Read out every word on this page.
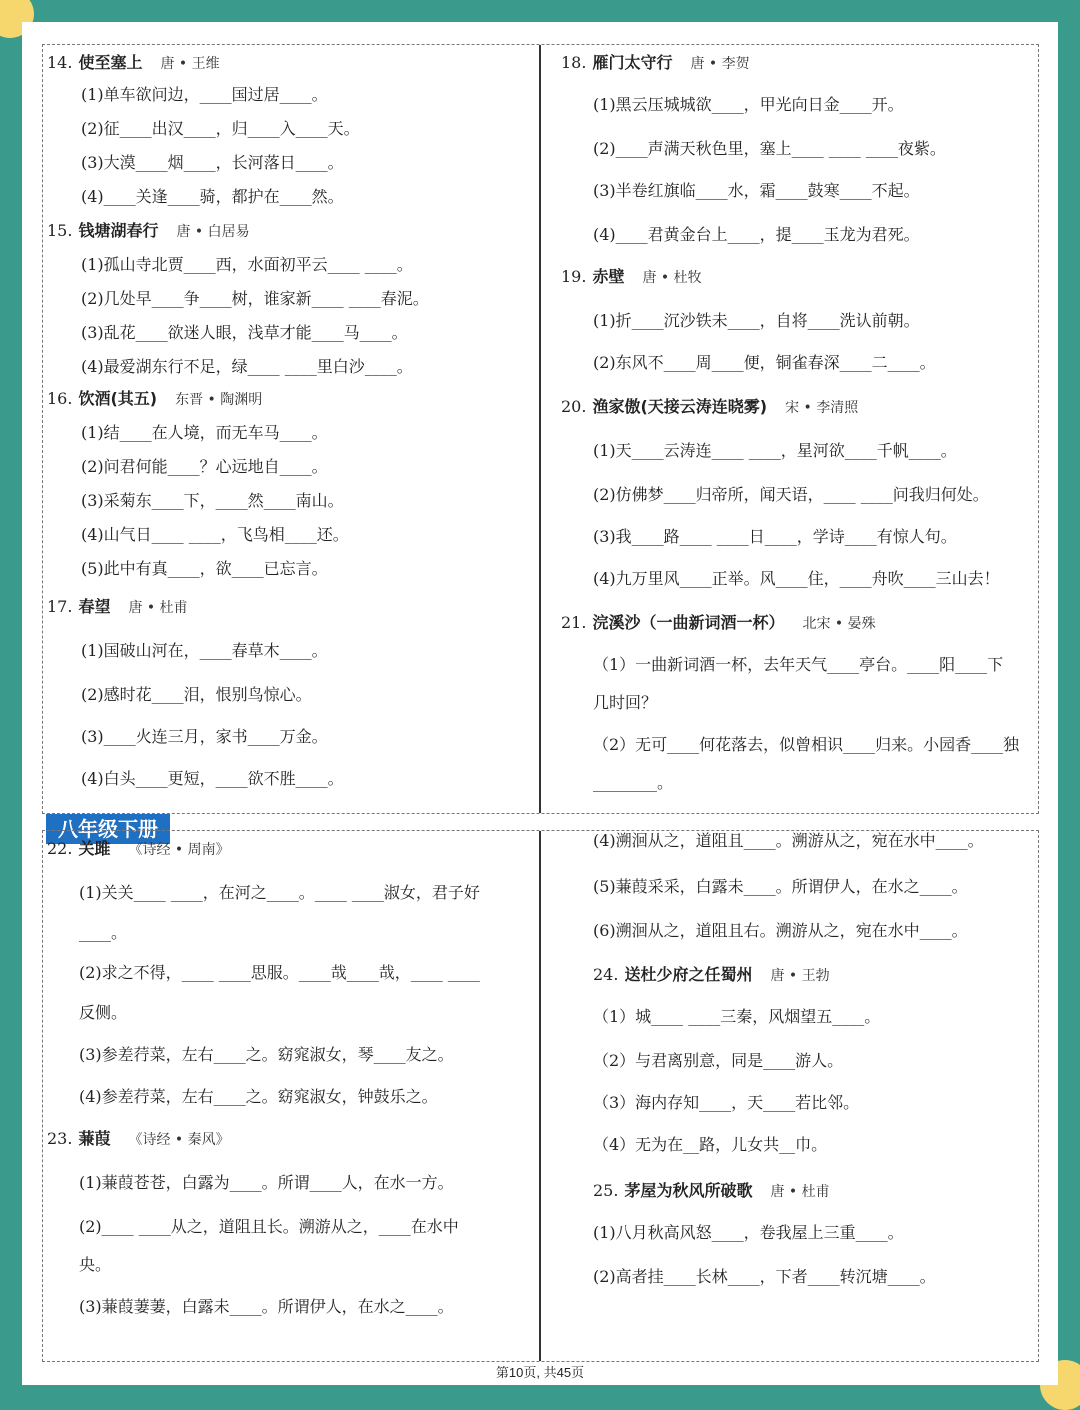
14. 使至塞上 唐 • 王维
(1)单车欲问边，____国过居____。
(2)征____出汉____，归____入____天。
(3)大漠____烟____，长河落日____。
(4)____关逢____骑，都护在____然。
15. 钱塘湖春行 唐 • 白居易
(1)孤山寺北贾____西，水面初平云____ ____。
(2)几处早____争____树，谁家新____ ____春泥。
(3)乱花____欲迷人眼，浅草才能____马____。
(4)最爱湖东行不足，绿____ ____里白沙____。
16. 饮酒(其五) 东晋 • 陶渊明
(1)结____在人境，而无车马____。
(2)问君何能____？心远地自____。
(3)采菊东____下，____然____南山。
(4)山气日____ ____，飞鸟相____还。
(5)此中有真____，欲____已忘言。
17. 春望 唐 • 杜甫
(1)国破山河在，____春草木____。
(2)感时花____泪，恨别鸟惊心。
(3)____火连三月，家书____万金。
(4)白头____更短，____欲不胜____。
18. 雁门太守行 唐 • 李贺
(1)黑云压城城欲____，甲光向日金____开。
(2)____声满天秋色里，塞上____ ____ ____夜紫。
(3)半卷红旗临____水，霜____鼓寒____不起。
(4)____君黄金台上____，提____玉龙为君死。
19. 赤壁 唐 • 杜牧
(1)折____沉沙铁未____，自将____洗认前朝。
(2)东风不____周____便，铜雀春深____二____。
20. 渔家傲(天接云涛连晓雾) 宋 • 李清照
(1)天____云涛连____ ____，星河欲____千帆____。
(2)仿佛梦____归帝所，闻天语，____ ____问我归何处。
(3)我____路____ ____日____，学诗____有惊人句。
(4)九万里风____正举。风____住，____舟吹____三山去！
21. 浣溪沙（一曲新词酒一杯） 北宋 • 晏殊
（1）一曲新词酒一杯，去年天气____亭台。____阳____下
几时回？
（2）无可____何花落去，似曾相识____归来。小园香____独
________。
八年级下册
22. 关雎 《诗经 • 周南》
(1)关关____ ____，在河之____。____ ____淑女，君子好
____。
(2)求之不得，____ ____思服。____哉____哉，____ ____
反侧。
(3)参差荇菜，左右____之。窈窕淑女，琴____友之。
(4)参差荇菜，左右____之。窈窕淑女，钟鼓乐之。
23. 蒹葭 《诗经 • 秦风》
(1)蒹葭苍苍，白露为____。所谓____人，在水一方。
(2)____ ____从之，道阻且长。溯游从之，____在水中
央。
(3)蒹葭萋萋，白露未____。所谓伊人，在水之____。
(4)溯洄从之，道阻且____。溯游从之，宛在水中____。
(5)蒹葭采采，白露未____。所谓伊人，在水之____。
(6)溯洄从之，道阻且右。溯游从之，宛在水中____。
24. 送杜少府之任蜀州 唐 • 王勃
（1）城____ ____三秦，风烟望五____。
（2）与君离别意，同是____游人。
（3）海内存知____，天____若比邻。
（4）无为在__路，儿女共__巾。
25. 茅屋为秋风所破歌 唐 • 杜甫
(1)八月秋高风怒____，卷我屋上三重____。
(2)高者挂____长林____，下者____转沉塘____。
第10页, 共45页
